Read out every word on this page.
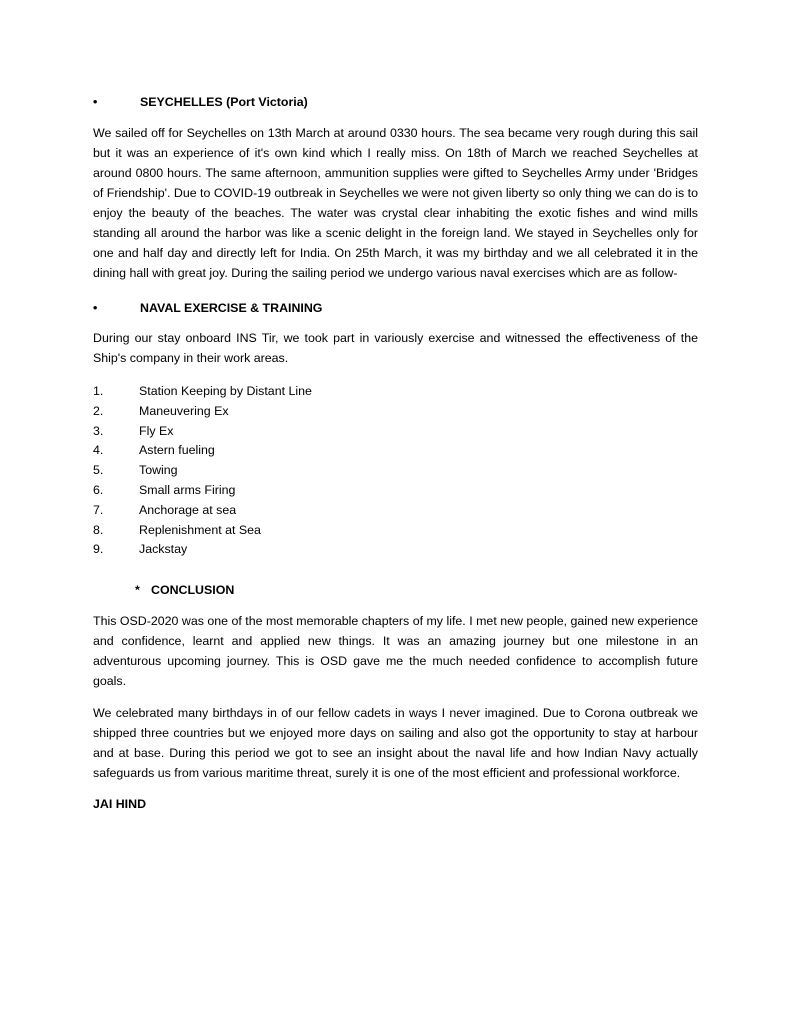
•	SEYCHELLES (Port Victoria)

We sailed off for Seychelles on 13th March at around 0330 hours. The sea became very rough during this sail but it was an experience of it's own kind which I really miss. On 18th of March we reached Seychelles at around 0800 hours. The same afternoon, ammunition supplies were gifted to Seychelles Army under 'Bridges of Friendship'. Due to COVID-19 outbreak in Seychelles we were not given liberty so only thing we can do is to enjoy the beauty of the beaches. The water was crystal clear inhabiting the exotic fishes and wind mills standing all around the harbor was like a scenic delight in the foreign land. We stayed in Seychelles only for one and half day and directly left for India. On 25th March, it was my birthday and we all celebrated it in the dining hall with great joy. During the sailing period we undergo various naval exercises which are as follow-

•	NAVAL EXERCISE & TRAINING

During our stay onboard INS Tir, we took part in variously exercise and witnessed the effectiveness of the Ship's company in their work areas.

1.	Station Keeping by Distant Line
2.	Maneuvering Ex
3.	Fly Ex
4.	Astern fueling
5.	Towing
6.	Small arms Firing
7.	Anchorage at sea
8.	Replenishment at Sea
9.	Jackstay
* CONCLUSION

This OSD-2020 was one of the most memorable chapters of my life. I met new people, gained new experience and confidence, learnt and applied new things. It was an amazing journey but one milestone in an adventurous upcoming journey. This is OSD gave me the much needed confidence to accomplish future goals.

We celebrated many birthdays in of our fellow cadets in ways I never imagined. Due to Corona outbreak we shipped three countries but we enjoyed more days on sailing and also got the opportunity to stay at harbour and at base. During this period we got to see an insight about the naval life and how Indian Navy actually safeguards us from various maritime threat, surely it is one of the most efficient and professional workforce.

JAI HIND
